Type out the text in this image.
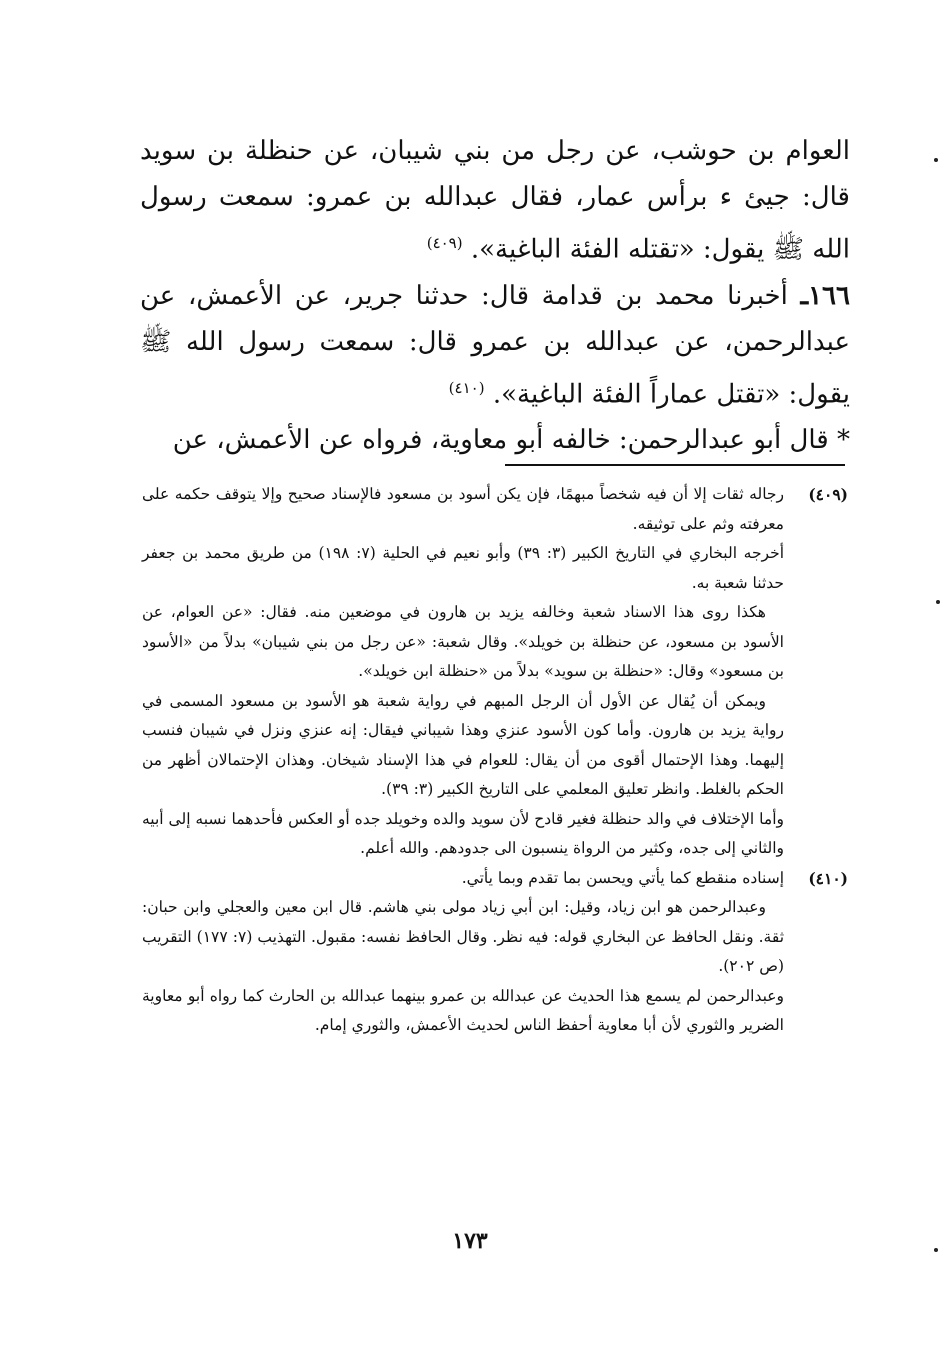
العوام بن حوشب، عن رجل من بني شيبان، عن حنظلة بن سويد قال: جيئ ء برأس عمار، فقال عبدالله بن عمرو: سمعت رسول الله ﷺ يقول: «تقتله الفئة الباغية». $^{(٤٠٩)}$

١٦٦ـ أخبرنا محمد بن قدامة قال: حدثنا جرير، عن الأعمش، عن عبدالرحمن، عن عبدالله بن عمرو قال: سمعت رسول الله ﷺ يقول: «تقتل عماراً الفئة الباغية». $^{(٤١٠)}$

* قال أبو عبدالرحمن: خالفه أبو معاوية، فرواه عن الأعمش، عن

(٤٠٩)

رجاله ثقات إلا أن فيه شخصاً مبهمًا، فإن يكن أسود بن مسعود فالإسناد صحيح وإلا يتوقف حكمه على معرفته وثم على توثيقه.

أخرجه البخاري في التاريخ الكبير (٣: ٣٩) وأبو نعيم في الحلية (٧: ١٩٨) من طريق محمد بن جعفر حدثنا شعبة به.

هكذا روى هذا الاسناد شعبة وخالفه يزيد بن هارون في موضعين منه. فقال: «عن العوام، عن الأسود بن مسعود، عن حنظلة بن خويلد». وقال شعبة: «عن رجل من بني شيبان» بدلاً من «الأسود بن مسعود» وقال: «حنظلة بن سويد» بدلاً من «حنظلة ابن خويلد».

ويمكن أن يُقال عن الأول أن الرجل المبهم في رواية شعبة هو الأسود بن مسعود المسمى في رواية يزيد بن هارون. وأما كون الأسود عنزي وهذا شيباني فيقال: إنه عنزي ونزل في شيبان فنسب إليهما. وهذا الإحتمال أقوى من أن يقال: للعوام في هذا الإسناد شيخان. وهذان الإحتمالان أظهر من الحكم بالغلط. وانظر تعليق المعلمي على التاريخ الكبير (٣: ٣٩).

وأما الإختلاف في والد حنظلة فغير قادح لأن سويد والده وخويلد جده أو العكس فأحدهما نسبه إلى أبيه والثاني إلى جده، وكثير من الرواة ينسبون الى جدودهم. والله أعلم.

(٤١٠)

إسناده منقطع كما يأتي ويحسن بما تقدم وبما يأتي.

وعبدالرحمن هو ابن زياد، وقيل: ابن أبي زياد مولى بني هاشم. قال ابن معين والعجلي وابن حبان: ثقة. ونقل الحافظ عن البخاري قوله: فيه نظر. وقال الحافظ نفسه: مقبول. التهذيب (٧: ١٧٧) التقريب (ص ٢٠٢).

وعبدالرحمن لم يسمع هذا الحديث عن عبدالله بن عمرو بينهما عبدالله بن الحارث كما رواه أبو معاوية الضرير والثوري لأن أبا معاوية أحفظ الناس لحديث الأعمش، والثوري إمام.

١٧٣
